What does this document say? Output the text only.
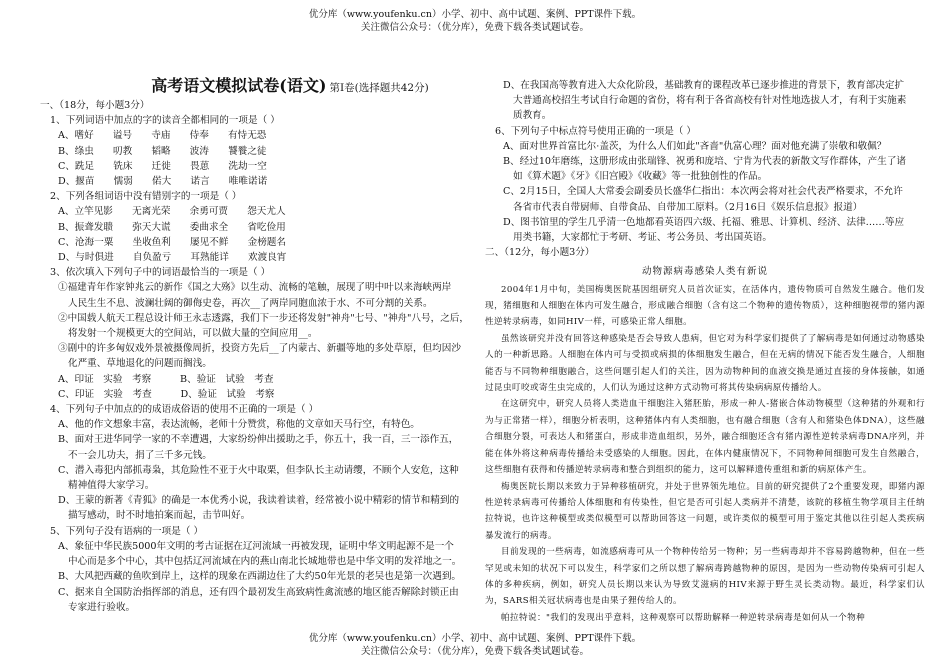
优分库（www.youfenku.cn）小学、初中、高中试题、案例、PPT课件下载。
关注微信公众号：（优分库），免费下载各类试题试卷。
高考语文模拟试卷(语文) 第Ⅰ卷(选择题共42分)
一、（18分，每小题3分）
1、下列词语中加点的字的读音全都相同的一项是（ ）
A、嗜好　　谥号　　寺庙　　侍奉　　有恃无恐
B、绦虫　　叨教　　韬略　　波涛　　饕餮之徒
C、跣足　　铣床　　迁徙　　畏葸　　洗劫一空
D、揠苗　　懦弱　　偌大　　诺言　　唯唯诺诺
2、下列各组词语中没有错别字的一项是（ ）
A、立竿见影　　无离光荣　　余勇可贾　　怨天尤人
B、振聋发聩　　弥天大谎　　委曲求全　　省吃俭用
C、沧海一粟　　坐收鱼利　　屡见不鲜　　金榜题名
D、与时俱进　　自负盈亏　　耳熟能详　　欢渡良宵
3、依次填入下列句子中的词语最恰当的一项是（ ）
①福建青年作家钟兆云的新作《国之大殇》以生动、流畅的笔触，展现了明中叶以来海峡两岸
人民生生不息、波澜壮阔的御侮史卷，再次__了两岸同胞血浓于水、不可分割的关系。
②中国载人航天工程总设计师王永志透露，我们下一步还将发射"神舟"七号、"神舟"八号，之后，
将发射一个规模更大的空间站，可以做大量的空间应用__。
③剧中的许多匈奴戏外景被摄像周折，投资方先后__了内蒙古、新疆等地的多处草原，但均因沙
化严重、草地退化的问题而搁浅。
A、印证　实验　考察　　　B、验证　试验　考查
C、印证　实验　考查　　　D、验证　试验　考察
4、下列句子中加点的的成语成俗语的使用不正确的一项是（ ）
A、他的作文想象丰富，表达流畅，老师十分赞赏，称他的文章如天马行空，有特色。
B、面对王进华同学一家的不幸遭遇，大家纷纷伸出援助之手，你五十，我一百，三一添作五，
不一会儿功夫，捐了三千多元钱。
C、潜入毒犯内部抓毒枭，其危险性不亚于火中取栗，但李队长主动请缨，不顾个人安危，这种
精神值得大家学习。
D、王蒙的新著《青狐》的确是一本优秀小说，我读着读着，经常被小说中精彩的情节和精到的
描写感动，时不时地拍案而起，击节叫好。
5、下列句子没有语病的一项是（ ）
A、象征中华民族5000年文明的考古证据在辽河流域一再被发现，证明中华文明起源不是一个
中心而是多个中心，其中包括辽河流域在内的燕山南北长城地带也是中华文明的发祥地之一。
B、大风把西藏的鱼吹到岸上，这样的现象在西湖边住了大约50年光景的老吴也是第一次遇到。
C、据来自全国防治指挥部的消息，还有四个最初发生高致病性禽流感的地区能否解除封锁正由
专家进行验收。
D、在我国高等教育进入大众化阶段，基础教育的课程改革已逐步推进的背景下，教育部决定扩
大普通高校招生考试自行命题的省份，将有利于各省高校有针对性地选拔人才，有利于实施素
质教育。
6、下列句子中标点符号使用正确的一项是（ ）
A、面对世界首富比尔·盖茨，为什么人们如此"吝啬"仇富心理？面对他充满了崇敬和敬佩？
B、经过10年磨练，这册形成由张瑞锋、祝勇和庞培、宁肯为代表的新散文写作群体，产生了诸
如《算术题》《牙》《旧宫殿》《收藏》等一批独创性的作品。
C、2月15日，全国人大常委会副委员长盛华仁指出：本次两会将对社会代表严格要求，不允许
各省市代表自带厨师、自带食品、自带加工原料。（2月16日《娱乐信息报》报道）
D、图书馆里的学生几乎清一色地都看英语四六级、托福、雅思、计算机、经济、法律……等应
用类书籍，大家都忙于考研、考证、考公务员、考出国英语。
二、（12分，每小题3分）
动物源病毒感染人类有新说
2004年1月中旬，美国梅奥医院基因组研究人员首次证实，在活体内，遗传物质可自然发生融合。他们发现，猪细胞和人细胞在体内可发生融合，形成融合细胞（含有这二个物种的遗传物质），这种细胞视带的猪内源性逆转录病毒，如同HIV一样，可感染正常人细胞。
虽然该研究并没有回答这种感染是否会导致人患病，但它对为科学家们提供了了解病毒是如何通过动物感染人的一种新思路。人细胞在体内可与受损或病损的体细胞发生融合，但在无病的情况下能否发生融合，人细胞能否与不同物种细胞融合，这些问题引起人们的关注，因为动物种间的血液交换是通过直接的身体接触，如通过昆虫叮咬或寄生虫完成的，人们认为通过这种方式动物可将其传染病病原传播给人。
在这研究中，研究人员将人类造血干细胞注入猪胚胎，形成一种人-猪嵌合体动物模型（这种猪的外观和行为与正常猪一样），细胞分析表明，这种猪体内有人类细胞，也有融合细胞（含有人和猪染色体DNA），这些融合细胞分裂，可表达人和猪蛋白，形成非造血组织，另外，融合细胞还含有猪内源性逆转录病毒DNA序列，并能在体外将这种病毒传播给未受感染的人细胞。因此，在体内健康情况下，不同物种间细胞可发生自然融合，这些细胞有获得和传播逆转录病毒和整合到组织的能力，这可以解释遗传重组和新的病原体产生。
梅奥医院长期以来致力于异种移植研究，并处于世界领先地位。目前的研究提供了2个重要发现，即猪内源性逆转录病毒可传播给人体细胞和有传染性，但它是否可引起人类病并不清楚，该院的移植生物学项目主任纳拉特说，也许这种模型或类似模型可以帮助回答这一问题，或许类似的模型可用于鉴定其他以往引起人类疾病暴发流行的病毒。
目前发现的一些病毒，如流感病毒可从一个物种传给另一物种；另一些病毒却并不容易跨越物种，但在一些罕见或未知的状况下可以发生，科学家们之所以想了解病毒跨越物种的原因，是因为一些动物传染病可引起人体的多种疾病，例如，研究人员长期以来认为导致艾滋病的HIV来源于野生灵长类动物。最近，科学家们认为，SARS相关冠状病毒也是由果子狸传给人的。
帕拉特说："我们的发现出乎意料，这种观察可以帮助解释一种逆转录病毒是如何从一个物种
优分库（www.youfenku.cn）小学、初中、高中试题、案例、PPT课件下载。
关注微信公众号：（优分库），免费下载各类试题试卷。
